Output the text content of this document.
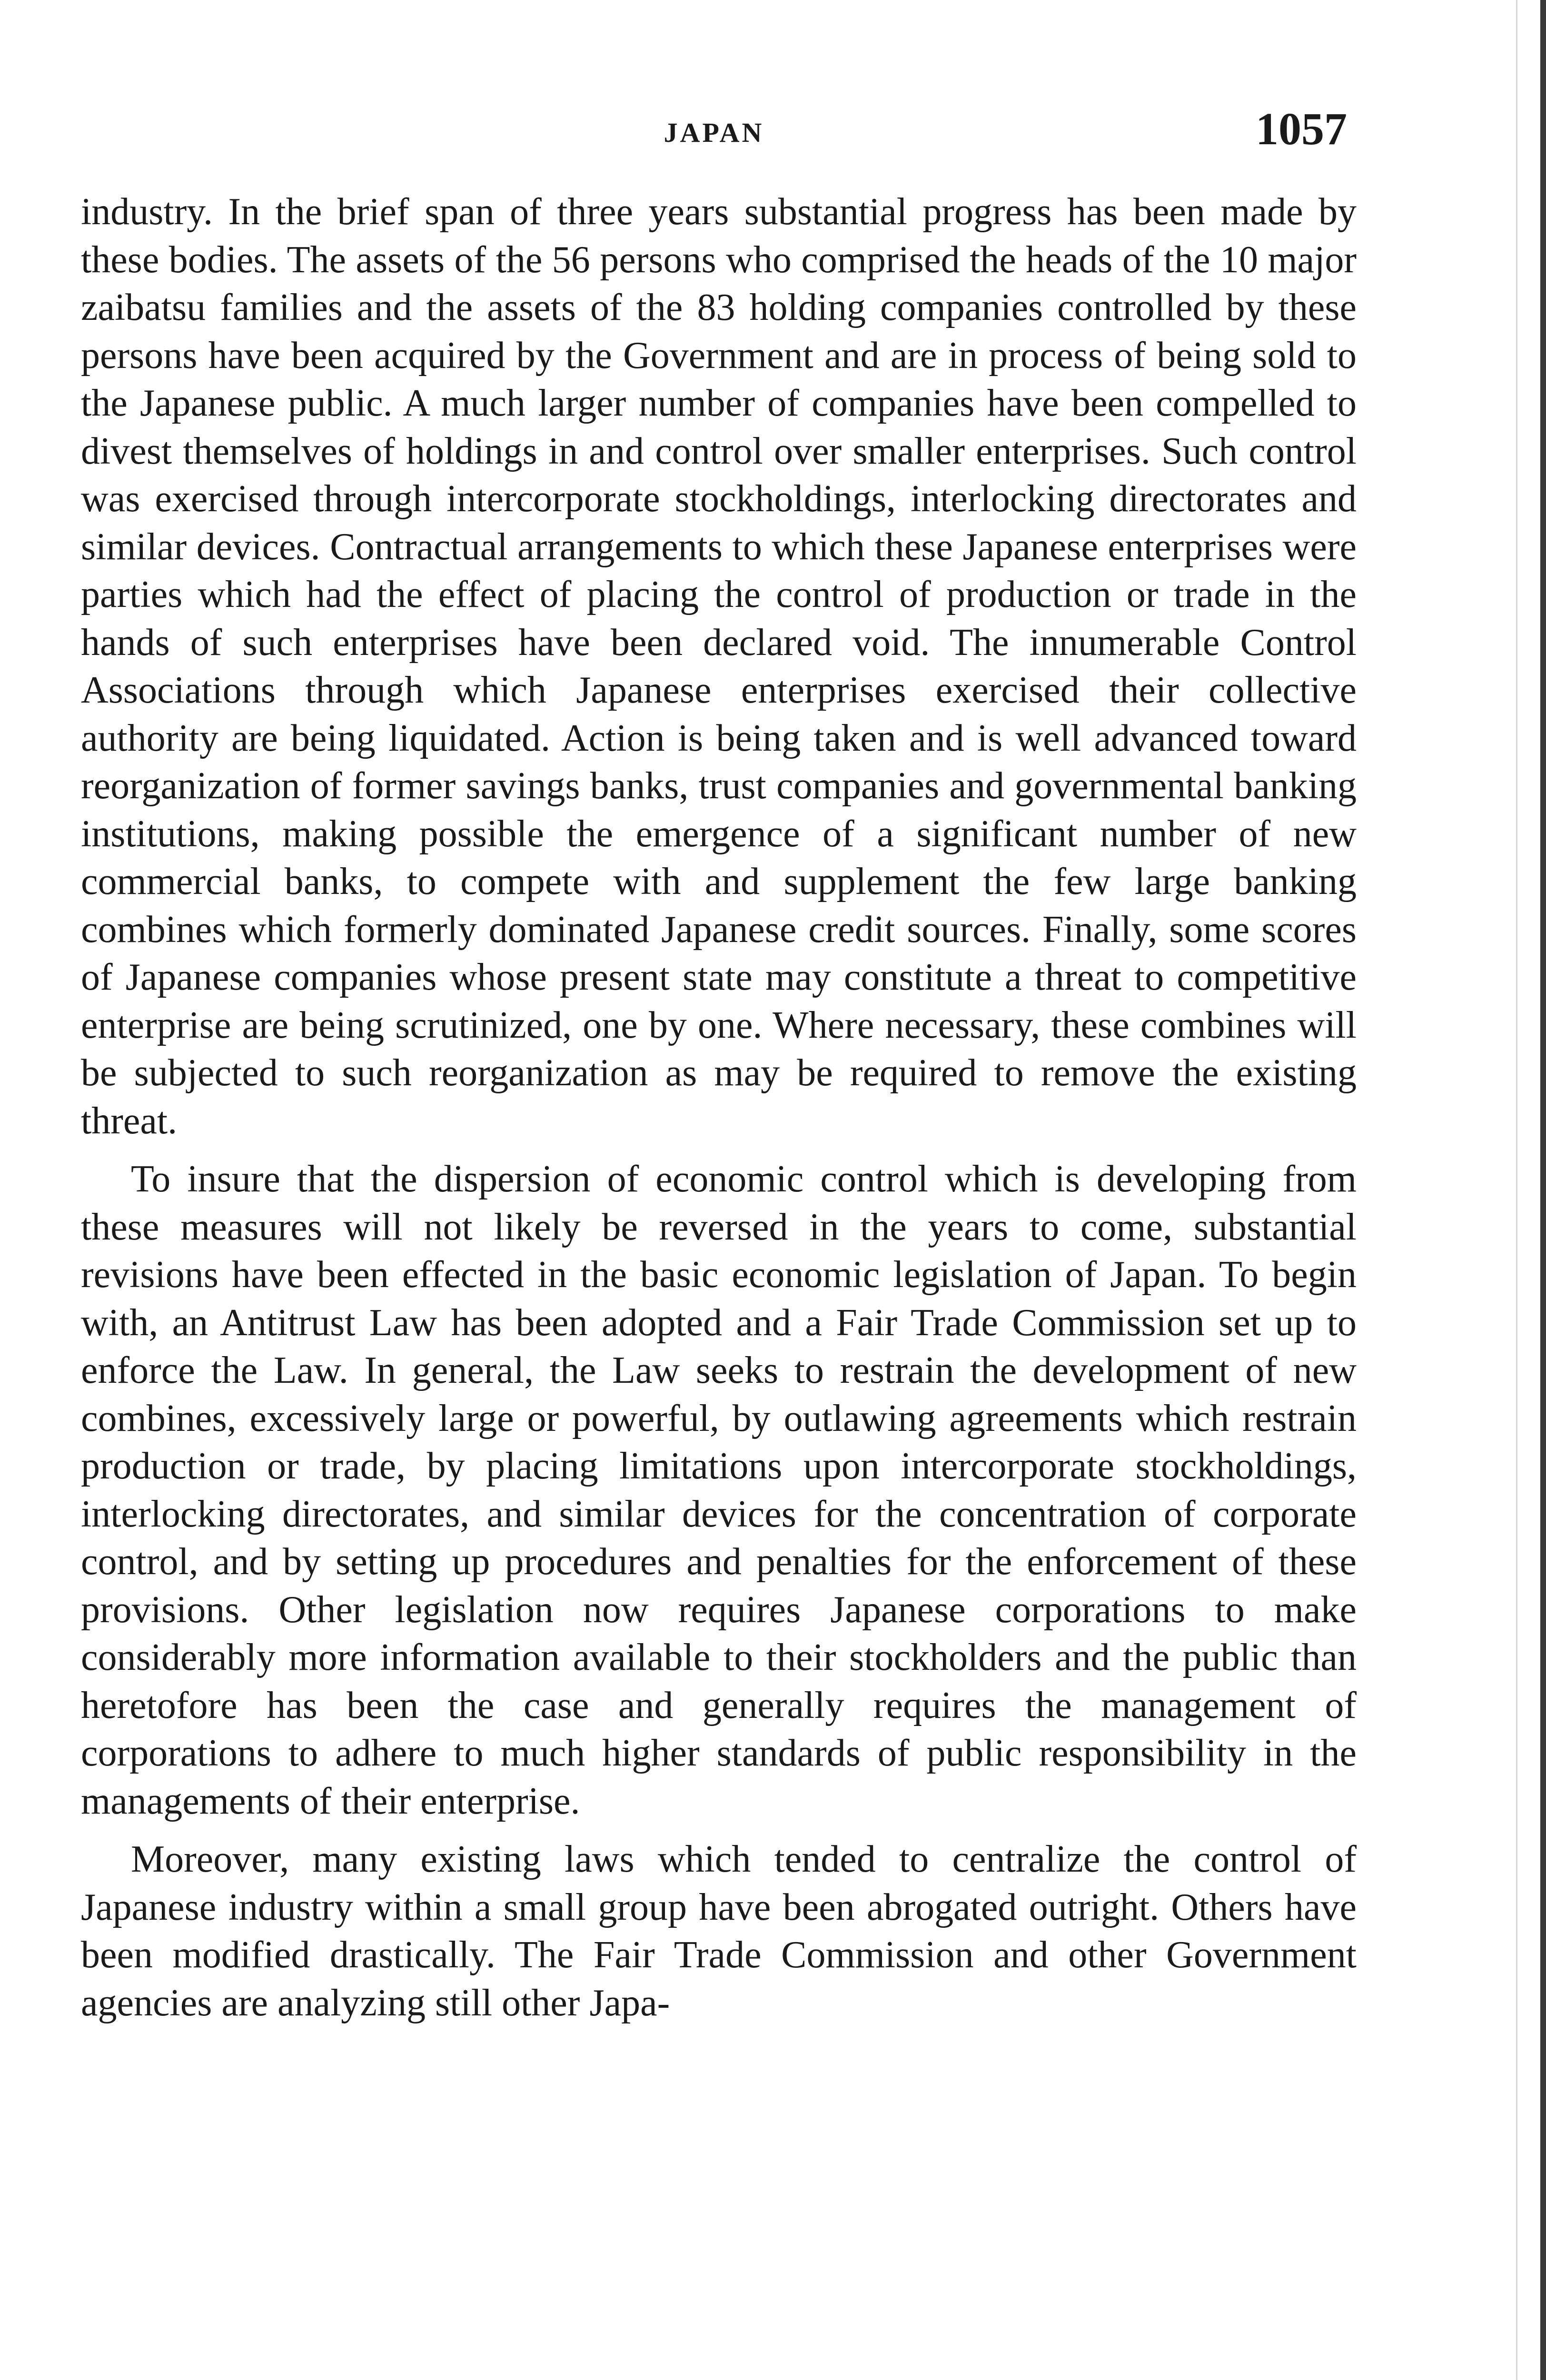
JAPAN	1057

industry. In the brief span of three years substantial progress has been made by these bodies. The assets of the 56 persons who comprised the heads of the 10 major zaibatsu families and the assets of the 83 holding companies controlled by these persons have been acquired by the Government and are in process of being sold to the Japanese public. A much larger number of companies have been compelled to divest themselves of holdings in and control over smaller enterprises. Such control was exercised through intercorporate stockholdings, interlocking directorates and similar devices. Contractual arrangements to which these Japanese enterprises were parties which had the effect of placing the control of production or trade in the hands of such enterprises have been declared void. The innumerable Control Associations through which Japanese enterprises exercised their collective authority are being liquidated. Action is being taken and is well advanced toward reorganization of former savings banks, trust companies and governmental banking institutions, making possible the emergence of a significant number of new commercial banks, to compete with and supplement the few large banking combines which formerly dominated Japanese credit sources. Finally, some scores of Japanese companies whose present state may constitute a threat to competitive enterprise are being scrutinized, one by one. Where necessary, these combines will be subjected to such reorganization as may be required to remove the existing threat.

To insure that the dispersion of economic control which is developing from these measures will not likely be reversed in the years to come, substantial revisions have been effected in the basic economic legislation of Japan. To begin with, an Antitrust Law has been adopted and a Fair Trade Commission set up to enforce the Law. In general, the Law seeks to restrain the development of new combines, excessively large or powerful, by outlawing agreements which restrain production or trade, by placing limitations upon intercorporate stockholdings, interlocking directorates, and similar devices for the concentration of corporate control, and by setting up procedures and penalties for the enforcement of these provisions. Other legislation now requires Japanese corporations to make considerably more information available to their stockholders and the public than heretofore has been the case and generally requires the management of corporations to adhere to much higher standards of public responsibility in the managements of their enterprise.

Moreover, many existing laws which tended to centralize the control of Japanese industry within a small group have been abrogated outright. Others have been modified drastically. The Fair Trade Commission and other Government agencies are analyzing still other Japa-
